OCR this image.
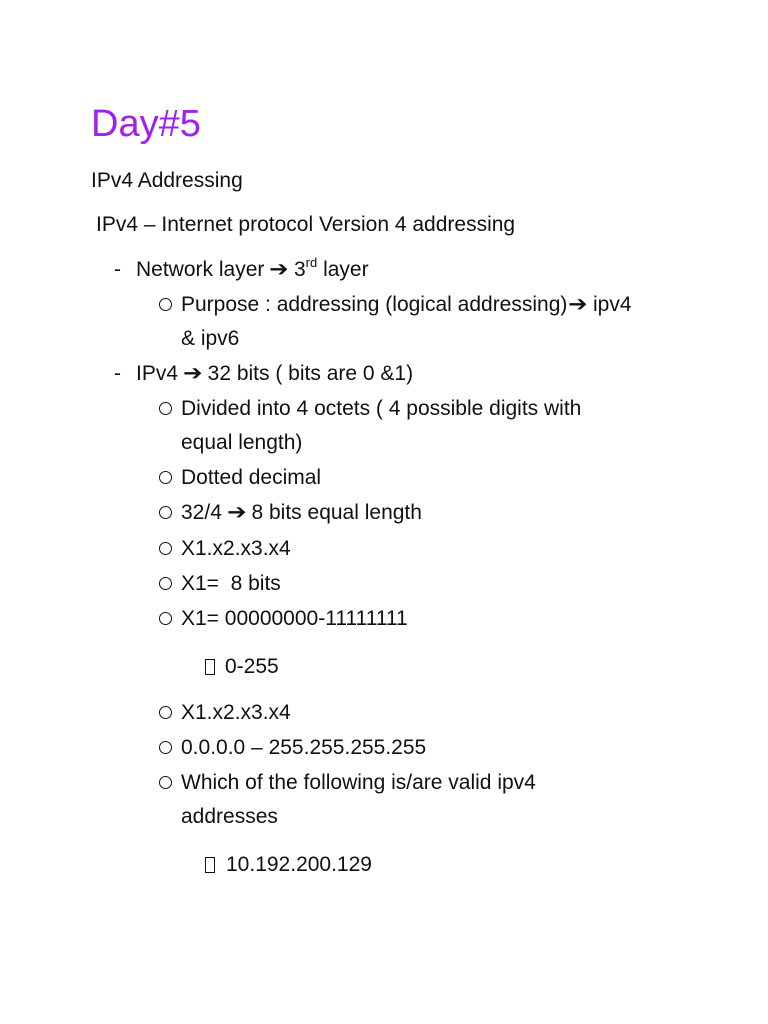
Day#5
IPv4 Addressing
IPv4 – Internet protocol Version 4 addressing
- Network layer ➔ 3rd layer
Purpose : addressing (logical addressing)➔ ipv4
& ipv6
- IPv4 ➔ 32 bits ( bits are 0 &1)
Divided into 4 octets ( 4 possible digits with
equal length)
Dotted decimal
32/4 ➔ 8 bits equal length
X1.x2.x3.x4
X1=  8 bits
X1= 00000000-11111111
0-255
X1.x2.x3.x4
0.0.0.0 – 255.255.255.255
Which of the following is/are valid ipv4
addresses
10.192.200.129
